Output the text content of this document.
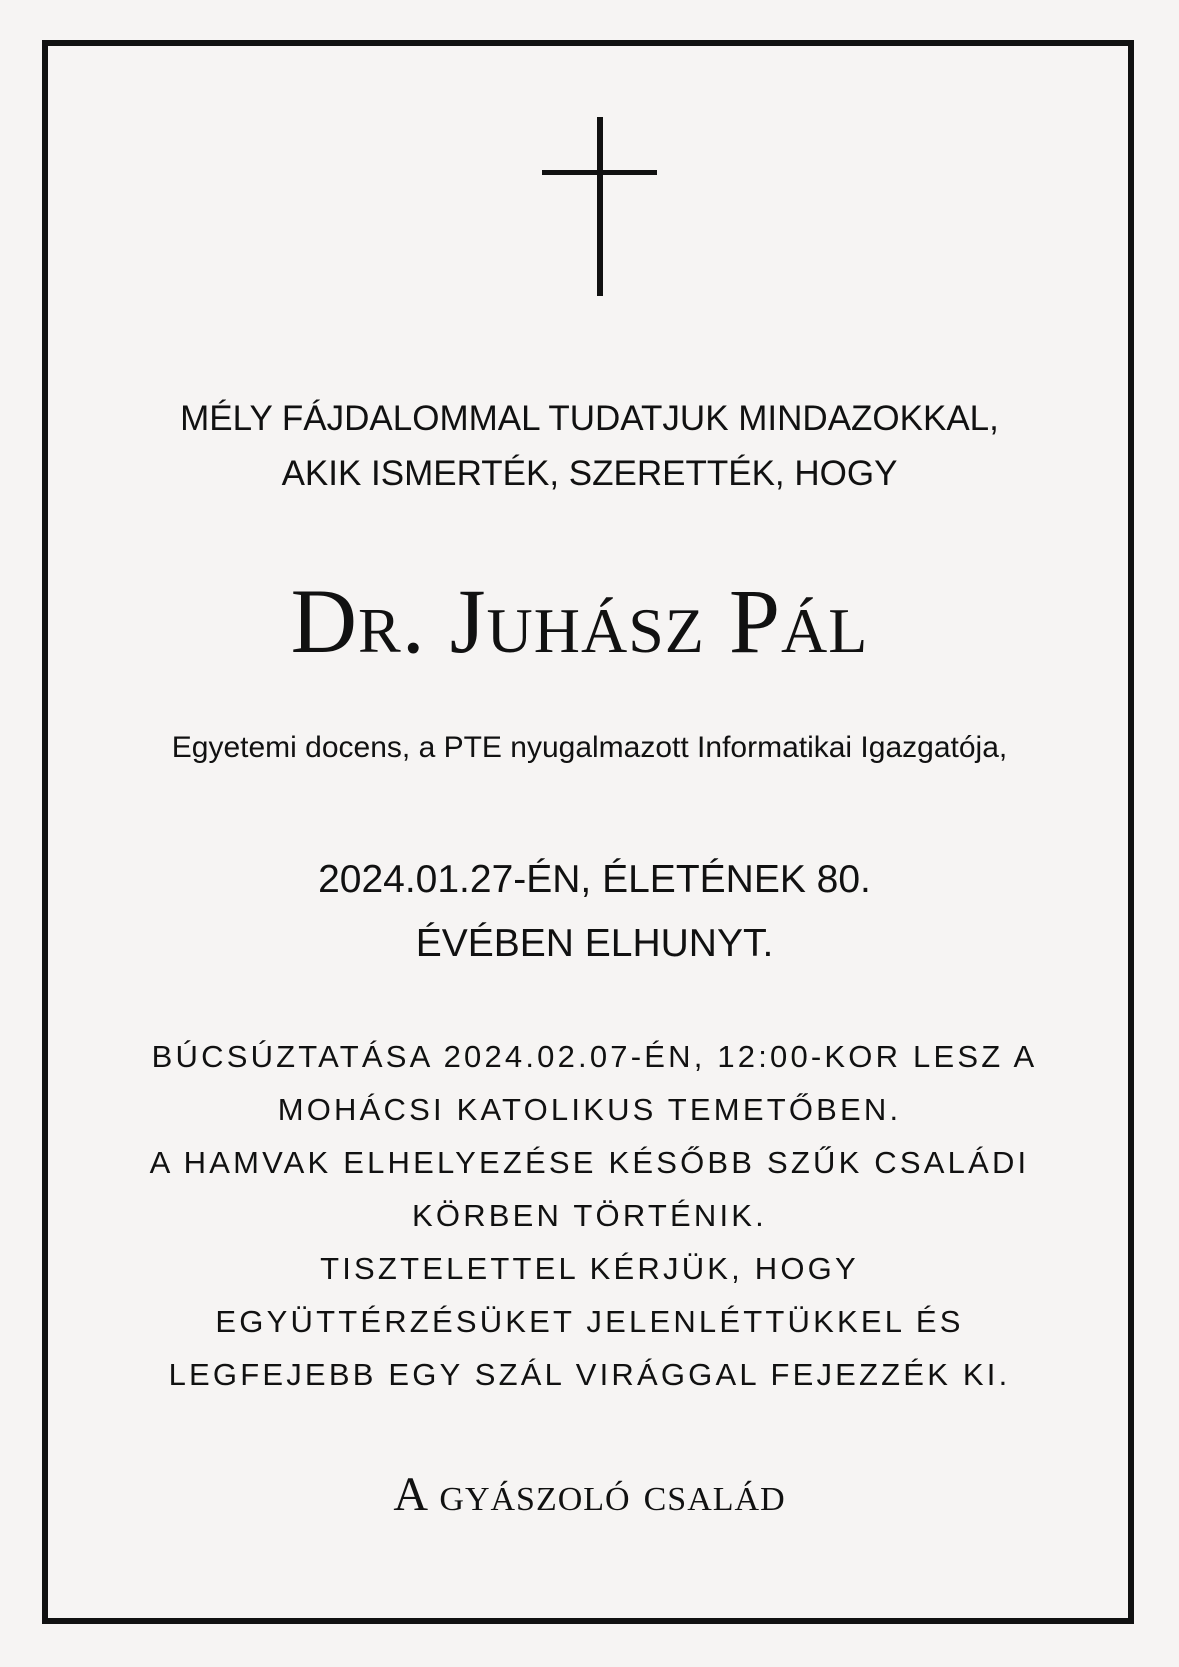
MÉLY FÁJDALOMMAL TUDATJUK MINDAZOKKAL,
AKIK ISMERTÉK, SZERETTÉK, HOGY
Dr. Juhász Pál
Egyetemi docens, a PTE nyugalmazott Informatikai Igazgatója,
2024.01.27-ÉN, ÉLETÉNEK 80.
ÉVÉBEN ELHUNYT.
BÚCSÚZTATÁSA 2024.02.07-ÉN, 12:00-KOR LESZ A
MOHÁCSI KATOLIKUS TEMETŐBEN.
A HAMVAK ELHELYEZÉSE KÉSŐBB SZŰK CSALÁDI
KÖRBEN TÖRTÉNIK.
TISZTELETTEL KÉRJÜK, HOGY
EGYÜTTÉRZÉSÜKET JELENLÉTTÜKKEL ÉS
LEGFEJEBB EGY SZÁL VIRÁGGAL FEJEZZÉK KI.
A gyászoló család
